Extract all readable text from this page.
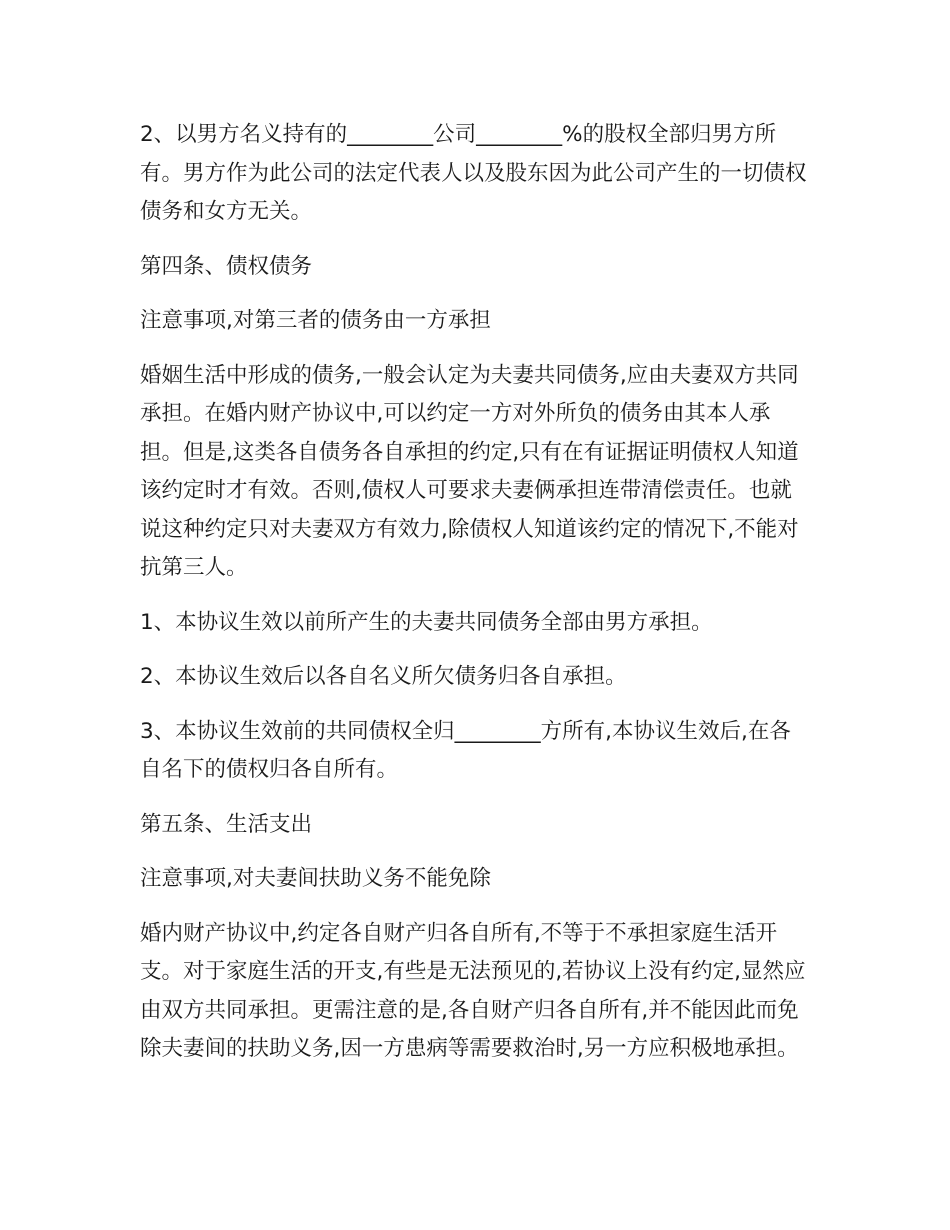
2、以男方名义持有的________公司________%的股权全部归男方所有。男方作为此公司的法定代表人以及股东因为此公司产生的一切债权债务和女方无关。

第四条、债权债务

注意事项,对第三者的债务由一方承担

婚姻生活中形成的债务,一般会认定为夫妻共同债务,应由夫妻双方共同承担。在婚内财产协议中,可以约定一方对外所负的债务由其本人承担。但是,这类各自债务各自承担的约定,只有在有证据证明债权人知道该约定时才有效。否则,债权人可要求夫妻俩承担连带清偿责任。也就说这种约定只对夫妻双方有效力,除债权人知道该约定的情况下,不能对抗第三人。

1、本协议生效以前所产生的夫妻共同债务全部由男方承担。

2、本协议生效后以各自名义所欠债务归各自承担。

3、本协议生效前的共同债权全归________方所有,本协议生效后,在各自名下的债权归各自所有。

第五条、生活支出

注意事项,对夫妻间扶助义务不能免除

婚内财产协议中,约定各自财产归各自所有,不等于不承担家庭生活开支。对于家庭生活的开支,有些是无法预见的,若协议上没有约定,显然应由双方共同承担。更需注意的是,各自财产归各自所有,并不能因此而免除夫妻间的扶助义务,因一方患病等需要救治时,另一方应积极地承担。
